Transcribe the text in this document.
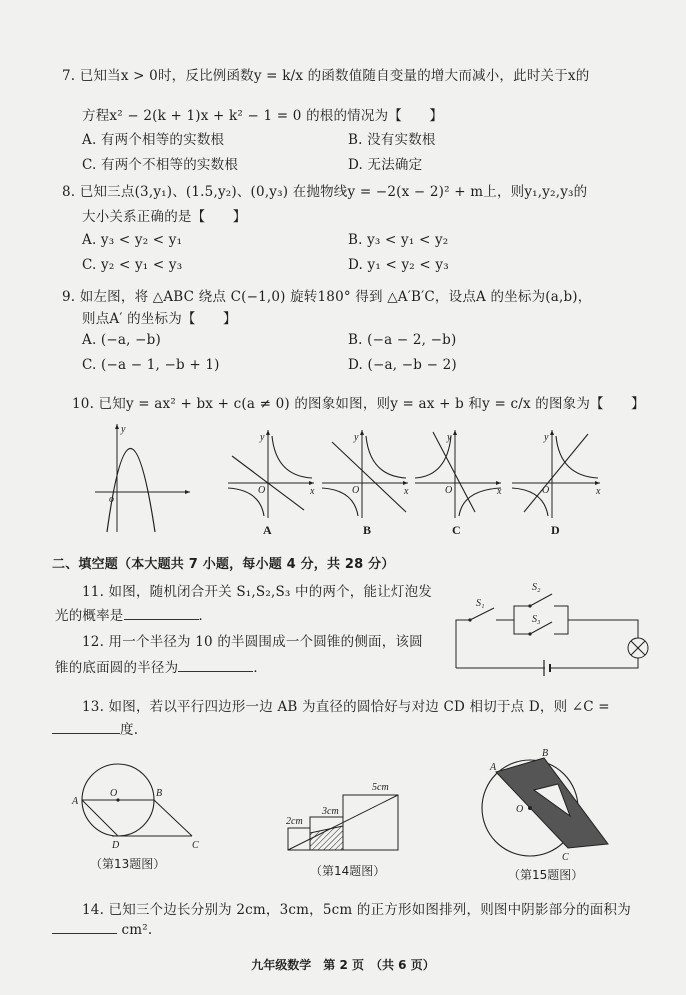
7. 已知当x > 0时，反比例函数y = k/x 的函数值随自变量的增大而减小，此时关于x的
方程x² − 2(k + 1)x + k² − 1 = 0 的根的情况为【　　】
A. 有两个相等的实数根	B. 没有实数根
C. 有两个不相等的实数根	D. 无法确定
8. 已知三点(3,y₁)、(1.5,y₂)、(0,y₃) 在抛物线y = −2(x − 2)² + m上，则y₁,y₂,y₃的
大小关系正确的是【　　】
A. y₃ < y₂ < y₁	B. y₃ < y₁ < y₂
C. y₂ < y₁ < y₃	D. y₁ < y₂ < y₃
9. 如左图，将 △ABC 绕点 C(−1,0) 旋转180° 得到 △A′B′C，设点A 的坐标为(a,b)，
则点A′ 的坐标为【　　】
A. (−a, −b)	B. (−a − 2, −b)
C. (−a − 1, −b + 1)	D. (−a, −b − 2)
10. 已知y = ax² + bx + c(a ≠ 0) 的图象如图，则y = ax + b 和y = c/x 的图象为【　　】
y
o
y
x
O
y
x
O
y
x
O
y
x
O
A	B	C	D
二、填空题（本大题共 7 小题，每小题 4 分，共 28 分）
11. 如图，随机闭合开关 S₁,S₂,S₃ 中的两个，能让灯泡发
光的概率是	．
S₁
S₂
S₃
12. 用一个半径为 10 的半圆围成一个圆锥的侧面，该圆
锥的底面圆的半径为	．
13. 如图，若以平行四边形一边 AB 为直径的圆恰好与对边 CD 相切于点 D，则 ∠C =
度.
A
O	B
D	C
（第13题图）
2cm
3cm
5cm
（第14题图）
A
B
O
C
（第15题图）
14. 已知三个边长分别为 2cm，3cm，5cm 的正方形如图排列，则图中阴影部分的面积为
cm².
九年级数学　第 2 页　（共 6 页）
